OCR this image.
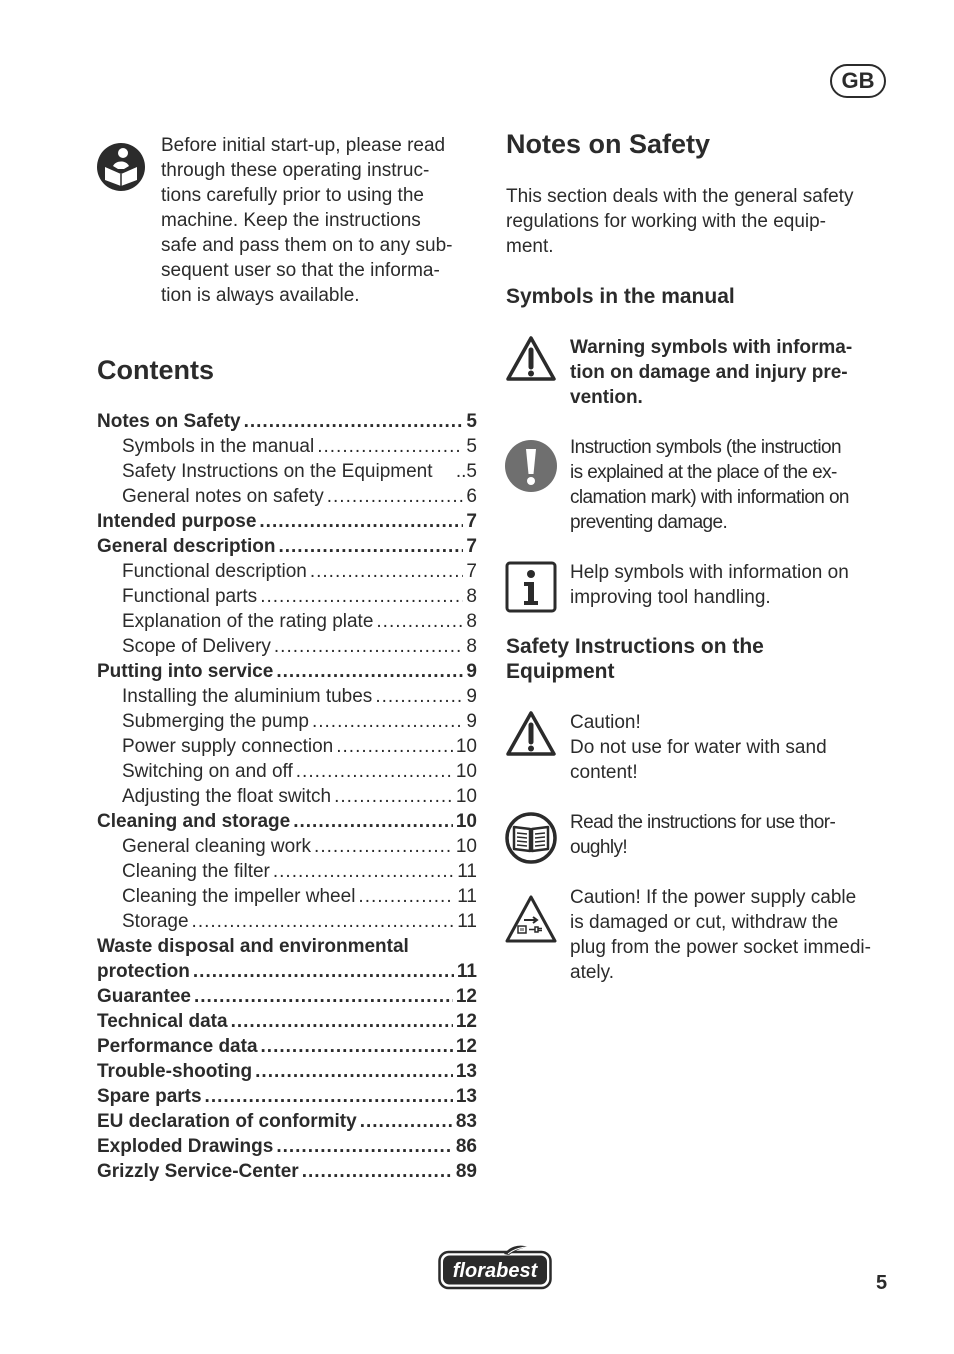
GB
Before initial start-up, please read
through these operating instruc-
tions carefully prior to using the
machine. Keep the instructions
safe and pass them on to any sub-
sequent user so that the informa-
tion is always available.
Contents
Notes on Safety .....	5
Symbols in the manual .....	5
Safety Instructions on the Equipment ..5
General notes on safety .....	6
Intended purpose .....	7
General description .....	7
Functional description .....	7
Functional parts .....	8
Explanation of the rating plate .....	8
Scope of Delivery .....	8
Putting into service .....	9
Installing the aluminium tubes .....	9
Submerging the pump .....	9
Power supply connection .....	10
Switching on and off .....	10
Adjusting the float switch .....	10
Cleaning and storage .....	10
General cleaning work .....	10
Cleaning the filter .....	11
Cleaning the impeller wheel .....	11
Storage .....	11
Waste disposal and environmental
protection .....	11
Guarantee .....	12
Technical data .....	12
Performance data .....	12
Trouble-shooting .....	13
Spare parts .....	13
EU declaration of conformity .....	83
Exploded Drawings .....	86
Grizzly Service-Center .....	89
Notes on Safety
This section deals with the general safety
regulations for working with the equip-
ment.
Symbols in the manual
Warning symbols with informa-
tion on damage and injury pre-
vention.
Instruction symbols (the instruction
is explained at the place of the ex-
clamation mark) with information on
preventing damage.
Help symbols with information on
improving tool handling.
Safety Instructions on the
Equipment
Caution!
Do not use for water with sand
content!
Read the instructions for use thor-
oughly!
Caution! If the power supply cable
is damaged or cut, withdraw the
plug from the power socket immedi-
ately.
florabest
5
